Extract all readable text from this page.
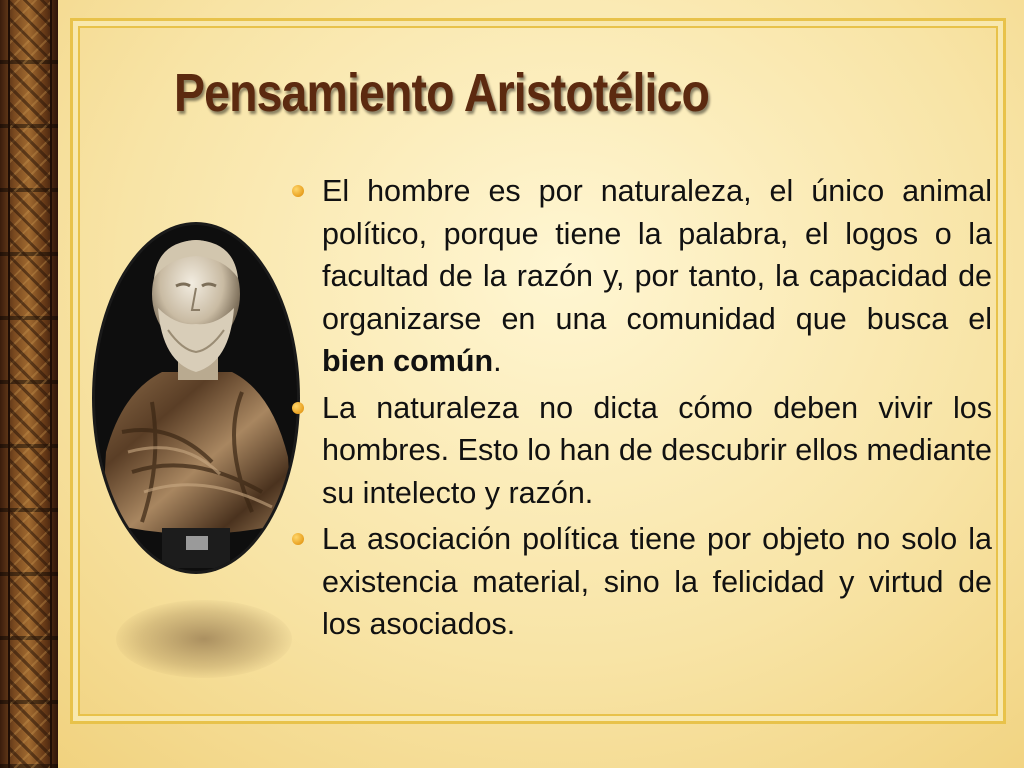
Pensamiento Aristotélico
El hombre es por naturaleza, el único animal político, porque tiene la palabra, el logos o la facultad de la razón y, por tanto, la capacidad de organizarse en una comunidad que busca el bien común.
La naturaleza no dicta cómo deben vivir los hombres. Esto lo han de descubrir ellos mediante su intelecto y razón.
La asociación política tiene por objeto no solo la existencia material, sino la felicidad y virtud de los asociados.
